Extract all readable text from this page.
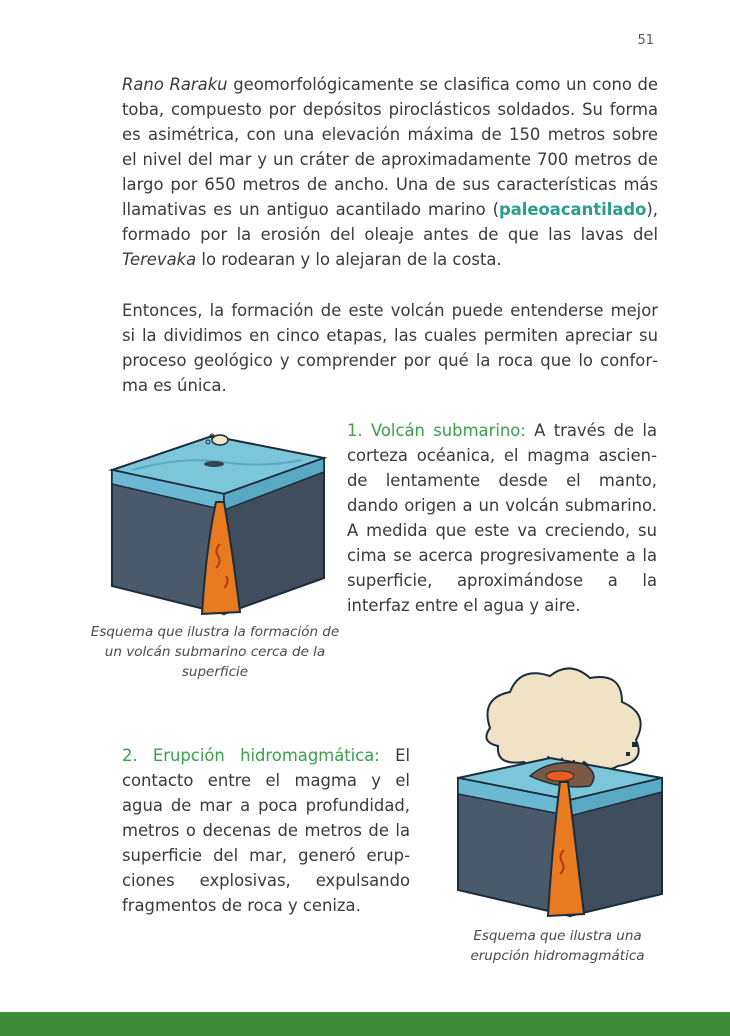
51
Rano Raraku geomorfológicamente se clasifica como un cono de toba, compuesto por depósitos piroclásticos soldados. Su forma es asimétrica, con una elevación máxima de 150 metros sobre el nivel del mar y un cráter de aproximadamente 700 metros de largo por 650 metros de ancho. Una de sus características más llamativas es un antiguo acantilado marino (paleoacantilado), formado por la erosión del oleaje antes de que las lavas del Terevaka lo rodearan y lo alejaran de la costa.
Entonces, la formación de este volcán puede entenderse mejor si la dividimos en cinco etapas, las cuales permiten apreciar su proceso geológico y comprender por qué la roca que lo conforma es única.
1. Volcán submarino: A través de la corteza océanica, el magma asciende lentamente desde el manto, dando origen a un volcán submarino. A medida que este va creciendo, su cima se acerca progresivamente a la superficie, aproximándose a la interfaz entre el agua y aire.
Esquema que ilustra la formación de un volcán submarino cerca de la superficie
2. Erupción hidromagmática: El contacto entre el magma y el agua de mar a poca profundidad, metros o decenas de metros de la superficie del mar, generó erupciones explosivas, expulsando fragmentos de roca y ceniza.
Esquema que ilustra una erupción hidromagmática
